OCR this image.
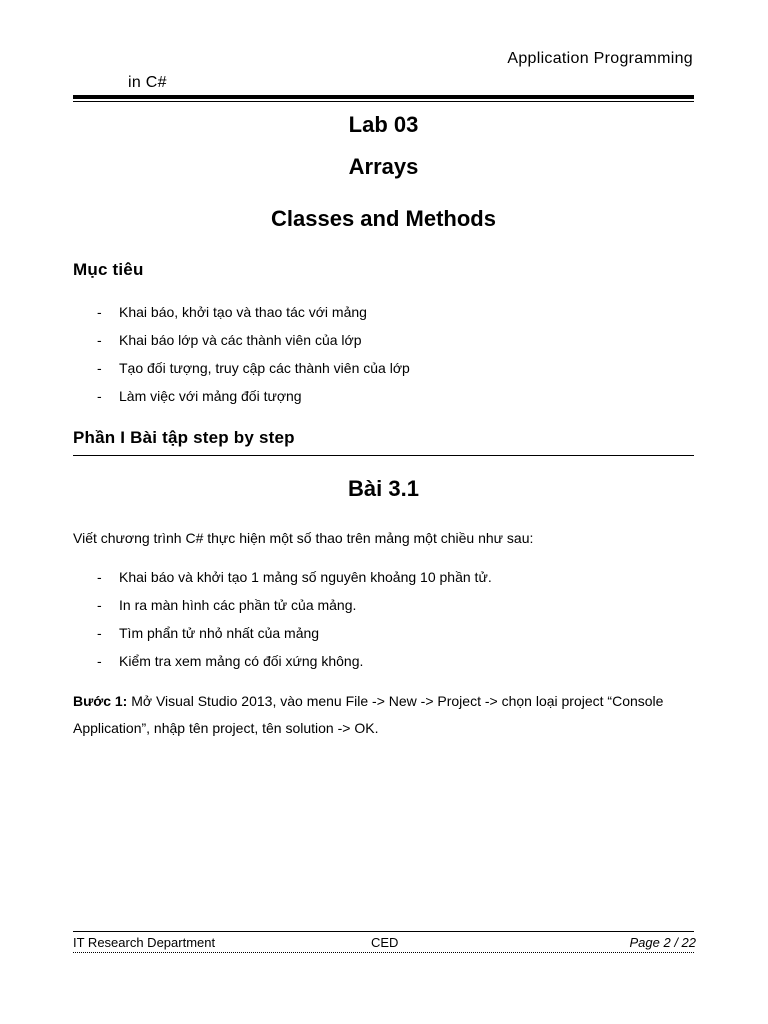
Application Programming
in C#
Lab 03
Arrays
Classes and Methods
Mục tiêu
- Khai báo, khởi tạo và thao tác với mảng
- Khai báo lớp và các thành viên của lớp
- Tạo đối tượng, truy cập các thành viên của lớp
- Làm việc với mảng đối tượng
Phần I Bài tập step by step
Bài 3.1
Viết chương trình C# thực hiện một số thao trên mảng một chiều như sau:
- Khai báo và khởi tạo 1 mảng số nguyên khoảng 10 phần tử.
- In ra màn hình các phần tử của mảng.
- Tìm phẩn tử nhỏ nhất của mảng
- Kiểm tra xem mảng có đối xứng không.
Bước 1: Mở Visual Studio 2013, vào menu File -> New -> Project -> chọn loại project “Console Application”, nhập tên project, tên solution -> OK.
IT Research Department	CED	Page 2 / 22
